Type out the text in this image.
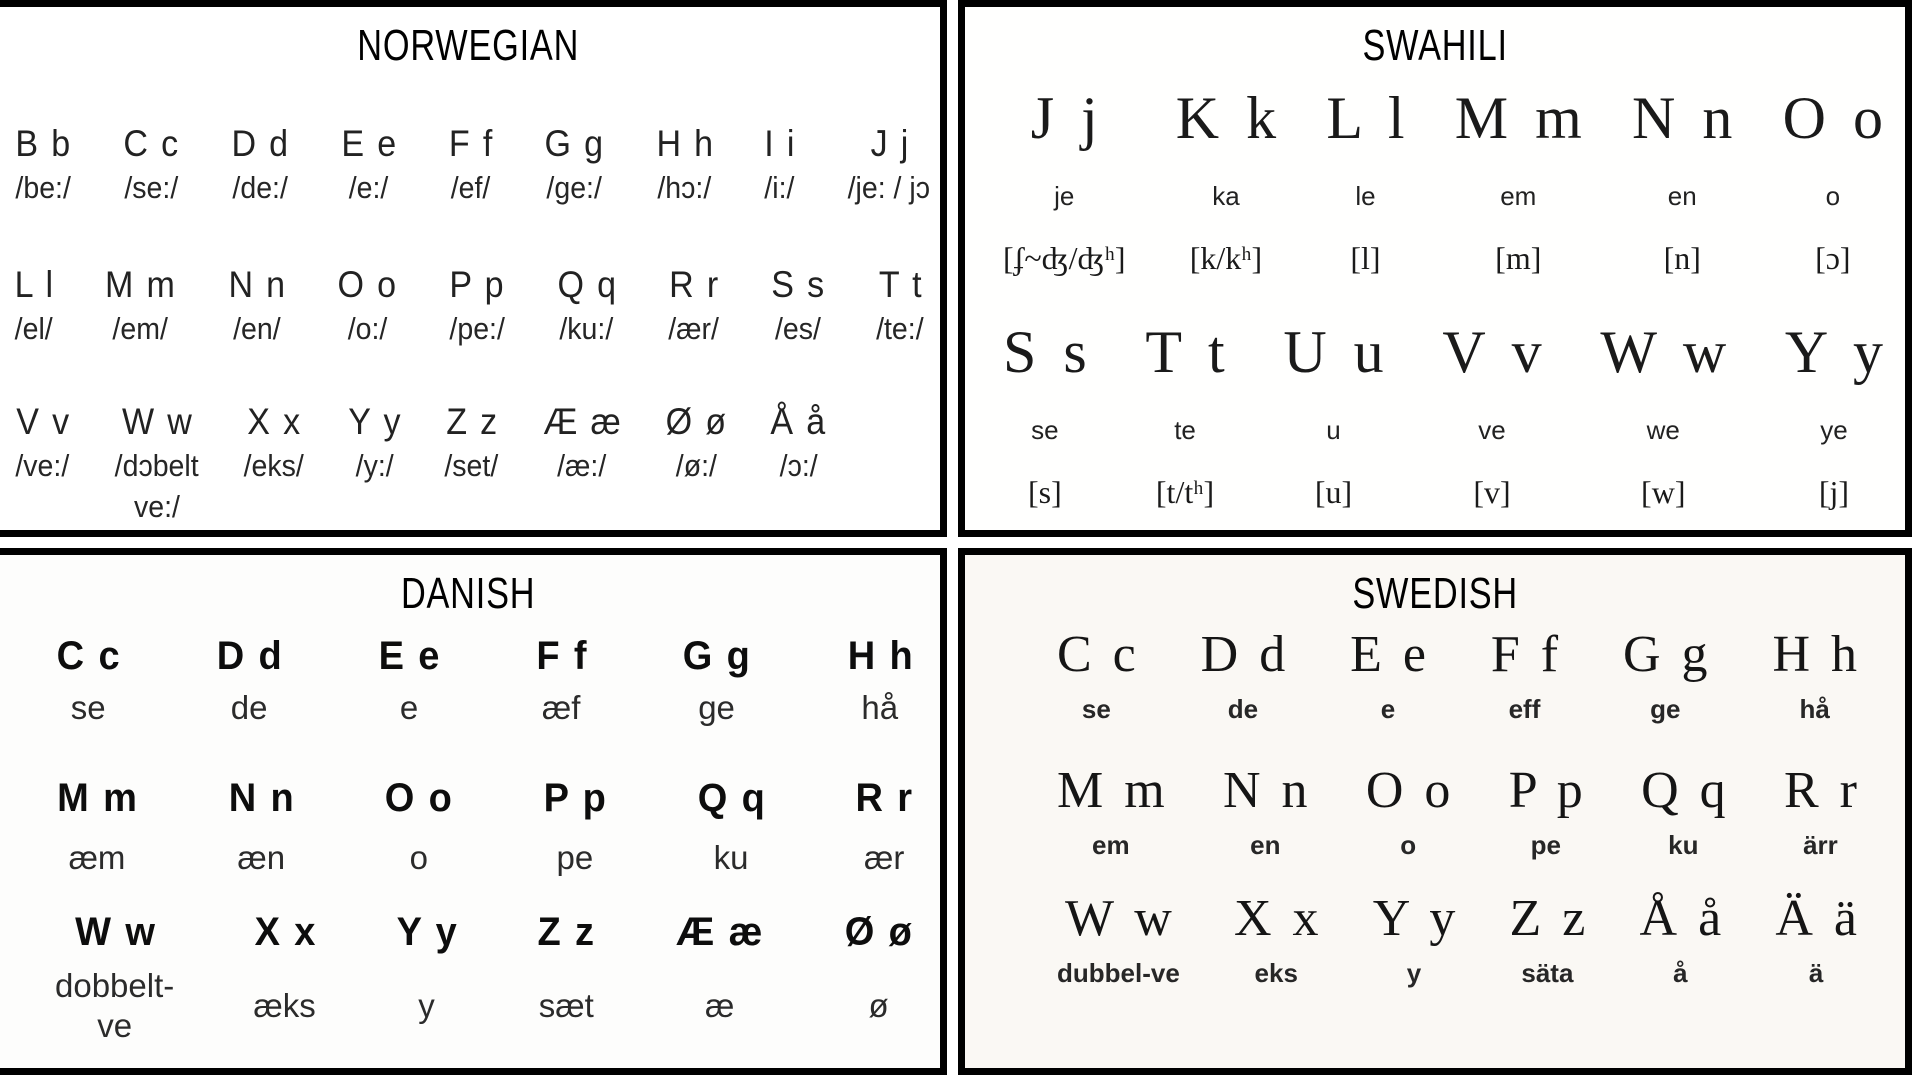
NORWEGIAN
B b
/be:/
C c
/se:/
D d
/de:/
E e
/e:/
F f
/ef/
G g
/ge:/
H h
/hɔ:/
I i
/i:/
J j
/je: / jɔ
L l
/el/
M m
/em/
N n
/en/
O o
/o:/
P p
/pe:/
Q q
/ku:/
R r
/ær/
S s
/es/
T t
/te:/
V v
/ve:/
W w
/dɔbelt
ve:/
X x
/eks/
Y y
/y:/
Z z
/set/
Æ æ
/æ:/
Ø ø
/ø:/
Å å
/ɔ:/
SWAHILI
J j
je
[ʄ~ʤ/ʤʰ]
K k
ka
[k/kʰ]
L l
le
[l]
M m
em
[m]
N n
en
[n]
O o
o
[ɔ]
S s
se
[s]
T t
te
[t/tʰ]
U u
u
[u]
V v
ve
[v]
W w
we
[w]
Y y
ye
[j]
DANISH
C c
se
D d
de
E e
e
F f
æf
G g
ge
H h
hå
M m
æm
N n
æn
O o
o
P p
pe
Q q
ku
R r
ær
W w
dobbelt-
ve
X x
æks
Y y
y
Z z
sæt
Æ æ
æ
Ø ø
ø
SWEDISH
C c
se
D d
de
E e
e
F f
eff
G g
ge
H h
hå
M m
em
N n
en
O o
o
P p
pe
Q q
ku
R r
ärr
W w
dubbel-ve
X x
eks
Y y
y
Z z
säta
Å å
å
Ä ä
ä
